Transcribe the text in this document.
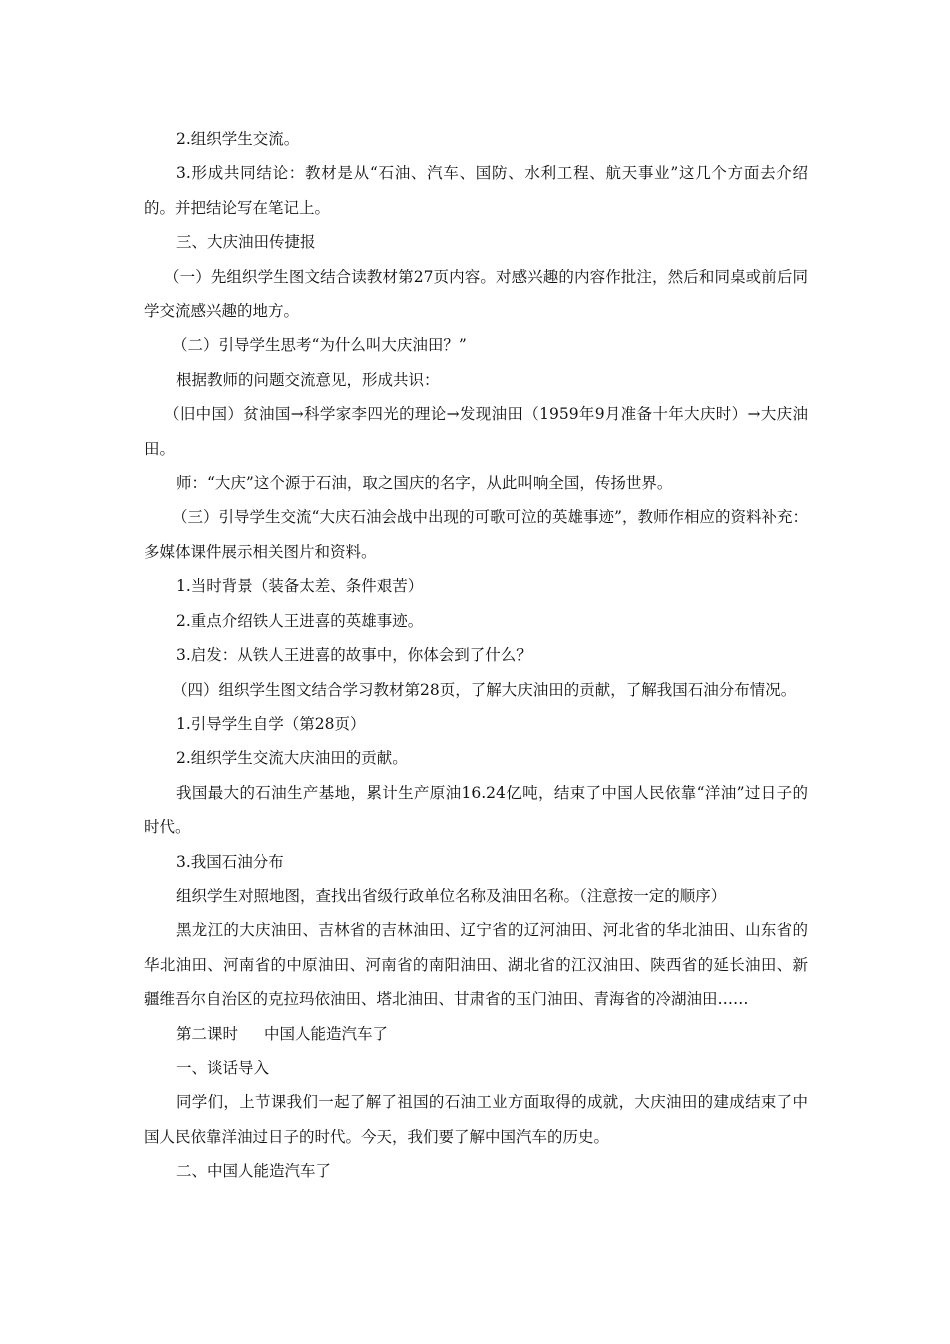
2.组织学生交流。

3.形成共同结论：教材是从“石油、汽车、国防、水利工程、航天事业”这几个方面去介绍的。并把结论写在笔记上。

三、大庆油田传捷报

（一）先组织学生图文结合读教材第27页内容。对感兴趣的内容作批注，然后和同桌或前后同学交流感兴趣的地方。

（二）引导学生思考“为什么叫大庆油田？”

根据教师的问题交流意见，形成共识：

（旧中国）贫油国→科学家李四光的理论→发现油田（1959年9月准备十年大庆时）→大庆油田。

师：“大庆”这个源于石油，取之国庆的名字，从此叫响全国，传扬世界。

（三）引导学生交流“大庆石油会战中出现的可歌可泣的英雄事迹”，教师作相应的资料补充：多媒体课件展示相关图片和资料。

1.当时背景（装备太差、条件艰苦）

2.重点介绍铁人王进喜的英雄事迹。

3.启发：从铁人王进喜的故事中，你体会到了什么？

（四）组织学生图文结合学习教材第28页，了解大庆油田的贡献，了解我国石油分布情况。

1.引导学生自学（第28页）

2.组织学生交流大庆油田的贡献。

我国最大的石油生产基地，累计生产原油16.24亿吨，结束了中国人民依靠“洋油”过日子的时代。

3.我国石油分布

组织学生对照地图，查找出省级行政单位名称及油田名称。（注意按一定的顺序）

黑龙江的大庆油田、吉林省的吉林油田、辽宁省的辽河油田、河北省的华北油田、山东省的华北油田、河南省的中原油田、河南省的南阳油田、湖北省的江汉油田、陕西省的延长油田、新疆维吾尔自治区的克拉玛依油田、塔北油田、甘肃省的玉门油田、青海省的冷湖油田……

第二课时 中国人能造汽车了

一、谈话导入

同学们，上节课我们一起了解了祖国的石油工业方面取得的成就，大庆油田的建成结束了中国人民依靠洋油过日子的时代。今天，我们要了解中国汽车的历史。

二、中国人能造汽车了
